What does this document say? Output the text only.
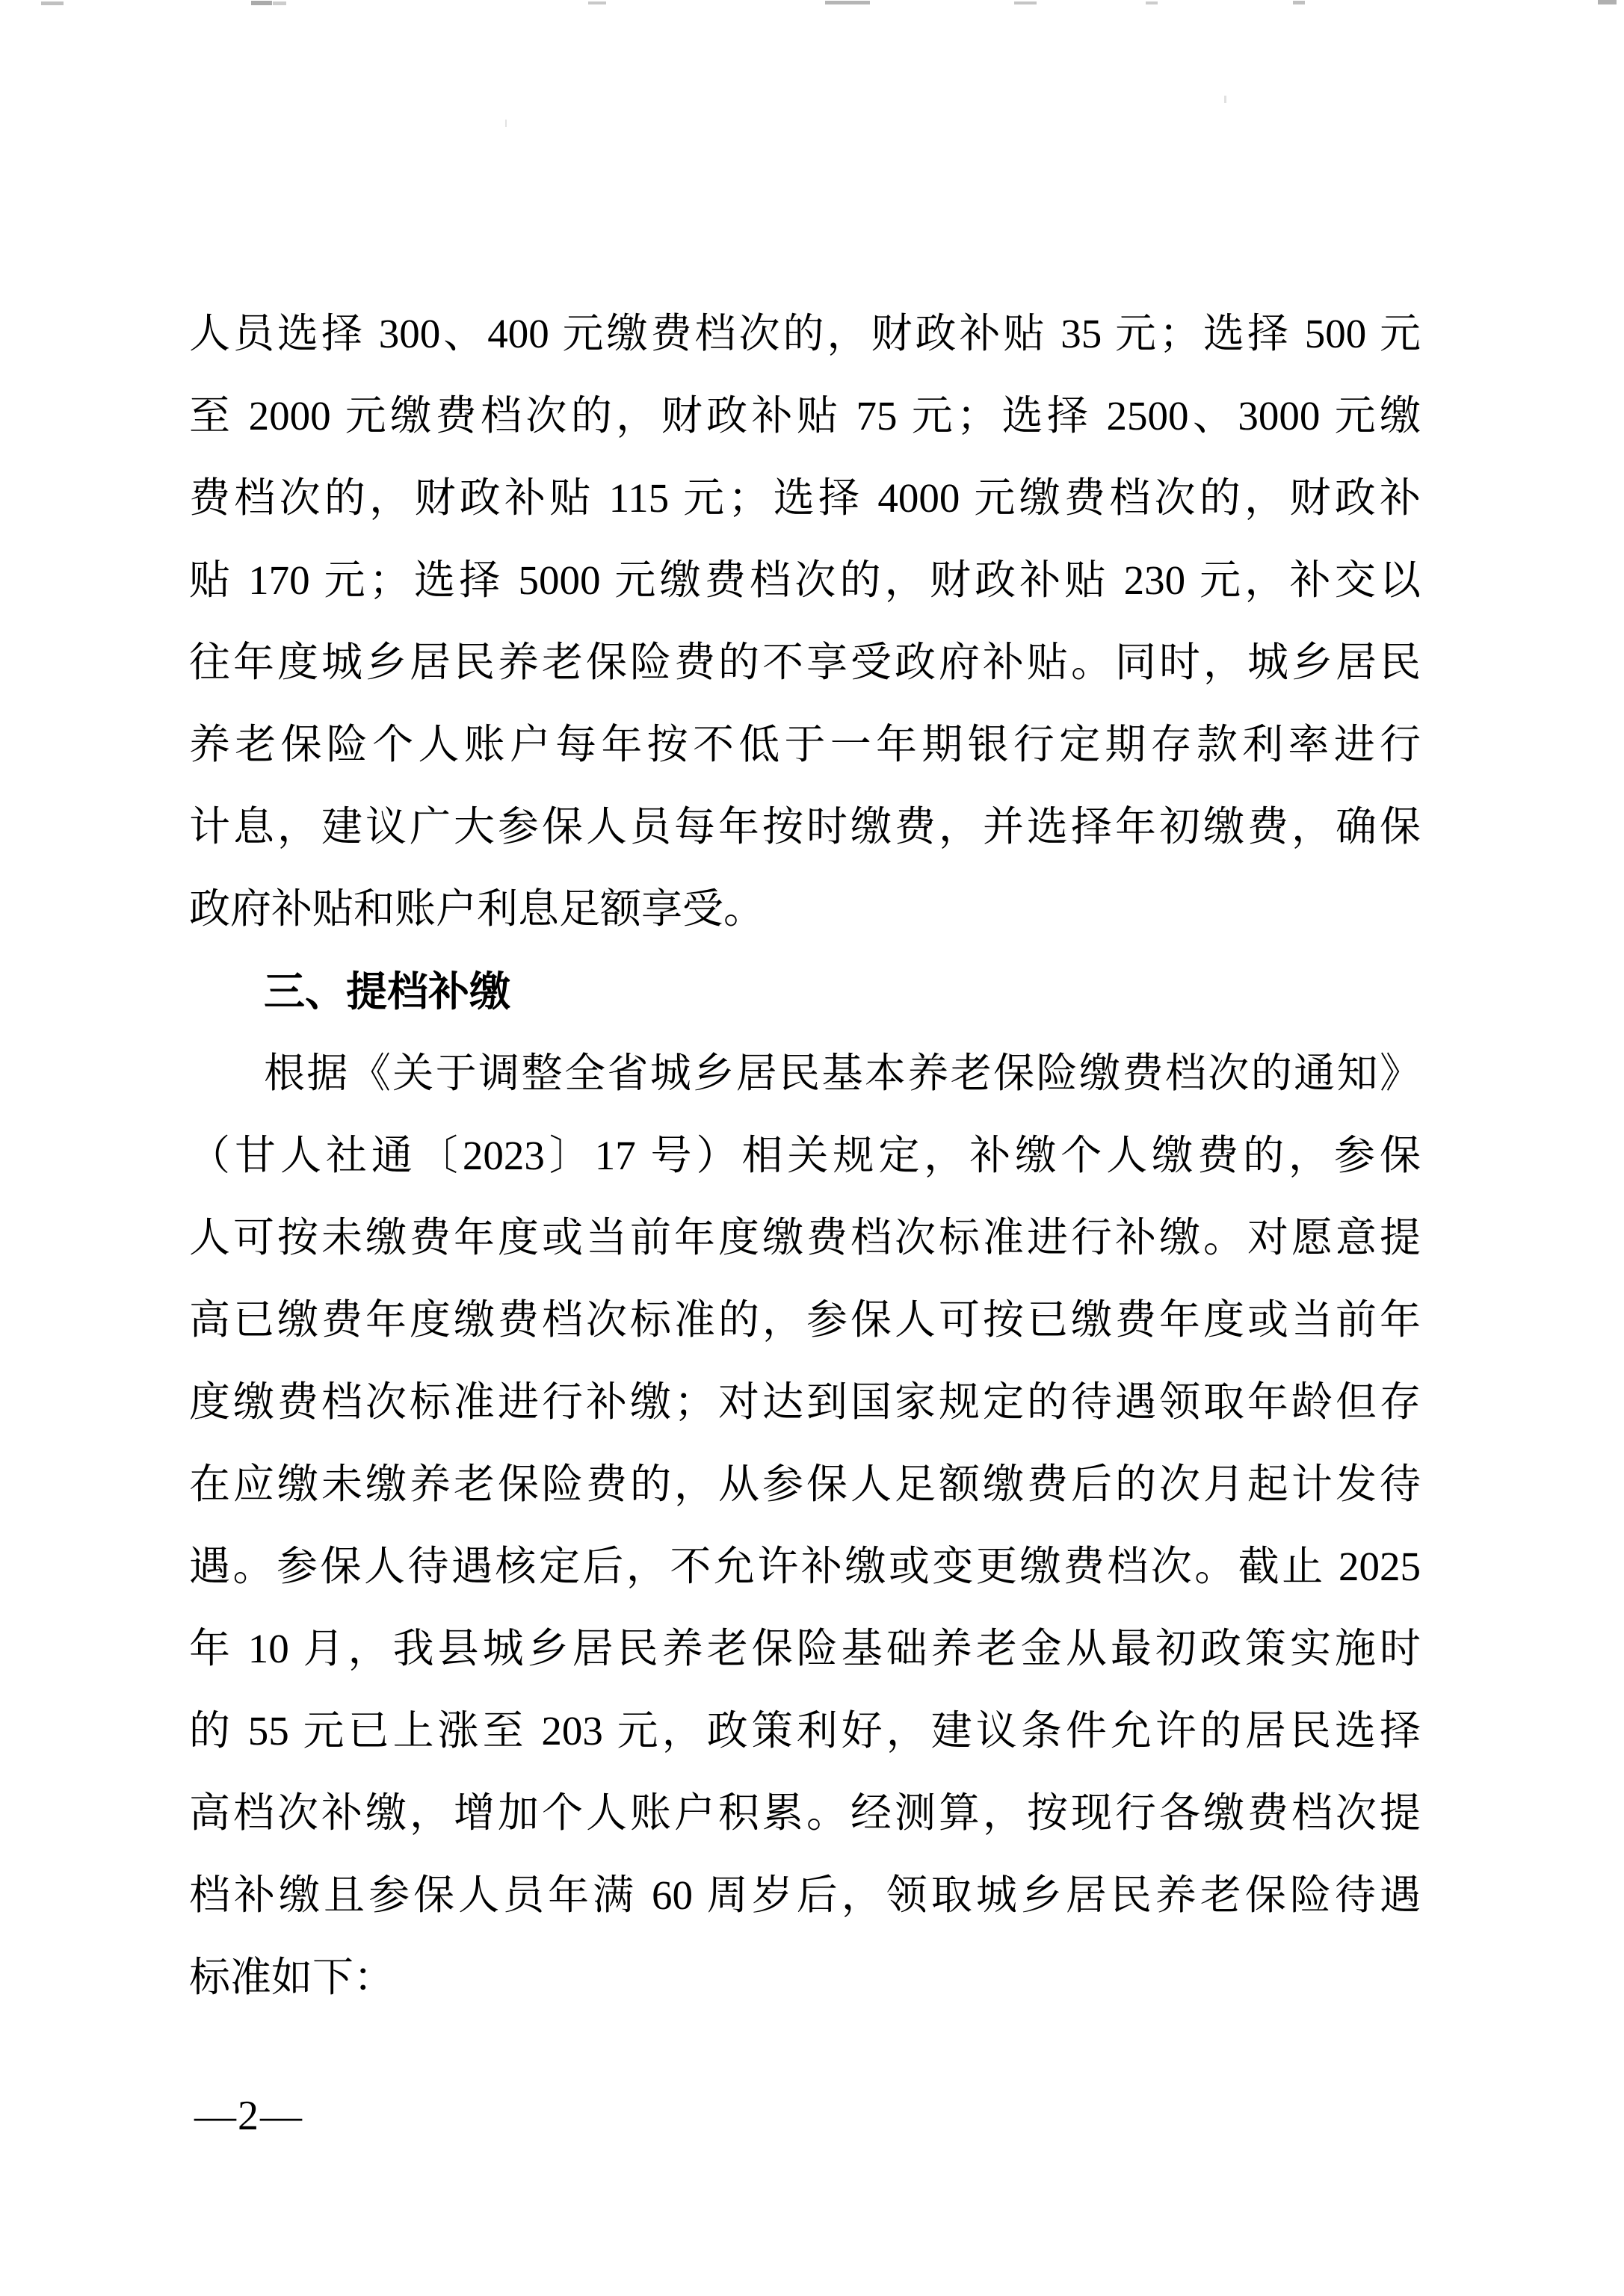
人员选择 300、400 元缴费档次的，财政补贴 35 元；选择 500 元
至 2000 元缴费档次的，财政补贴 75 元；选择 2500、3000 元缴
费档次的，财政补贴 115 元；选择 4000 元缴费档次的，财政补
贴 170 元；选择 5000 元缴费档次的，财政补贴 230 元，补交以
往年度城乡居民养老保险费的不享受政府补贴。同时，城乡居民
养老保险个人账户每年按不低于一年期银行定期存款利率进行
计息，建议广大参保人员每年按时缴费，并选择年初缴费，确保
政府补贴和账户利息足额享受。
三、提档补缴
根据《关于调整全省城乡居民基本养老保险缴费档次的通知》
（甘人社通〔2023〕17 号）相关规定，补缴个人缴费的，参保
人可按未缴费年度或当前年度缴费档次标准进行补缴。对愿意提
高已缴费年度缴费档次标准的，参保人可按已缴费年度或当前年
度缴费档次标准进行补缴；对达到国家规定的待遇领取年龄但存
在应缴未缴养老保险费的，从参保人足额缴费后的次月起计发待
遇。参保人待遇核定后，不允许补缴或变更缴费档次。截止 2025
年 10 月，我县城乡居民养老保险基础养老金从最初政策实施时
的 55 元已上涨至 203 元，政策利好，建议条件允许的居民选择
高档次补缴，增加个人账户积累。经测算，按现行各缴费档次提
档补缴且参保人员年满 60 周岁后，领取城乡居民养老保险待遇
标准如下：
—2—
